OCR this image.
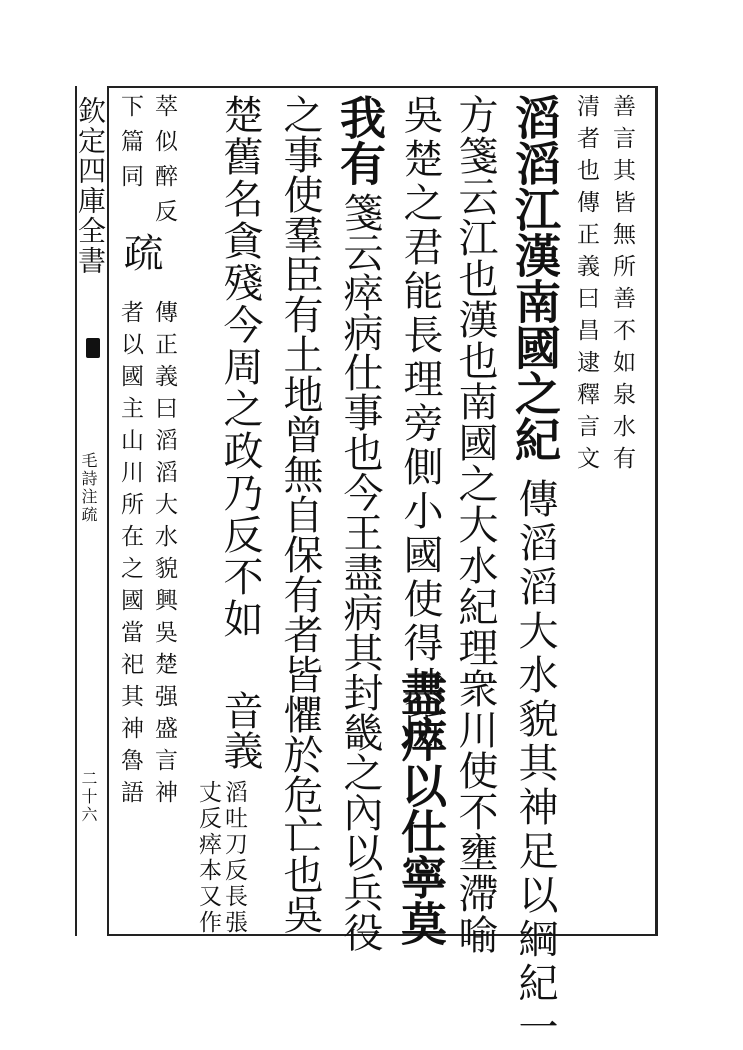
欽定四庫全書
毛詩注疏
二十六
善言其皆無所善不如泉水有
清者也傳正義曰昌逮釋言文
滔滔江漢南國之紀
傳滔滔大水貌其神足以綱紀一
方箋云江也漢也南國之大水紀理衆川使不壅滯喻
吳楚之君能長理旁側小國使得其所
盡瘁以仕寧莫
我有
箋云瘁病仕事也今王盡病其封畿之內以兵役
之事使羣臣有土地曾無自保有者皆懼於危亡也吳
楚舊名貪殘今周之政乃反不如
音義
滔吐刀反長張
丈反瘁本又作
萃似醉反
下篇同
疏
傳正義曰滔滔大水貌興吳楚强盛言神
者以國主山川所在之國當祀其神魯語
